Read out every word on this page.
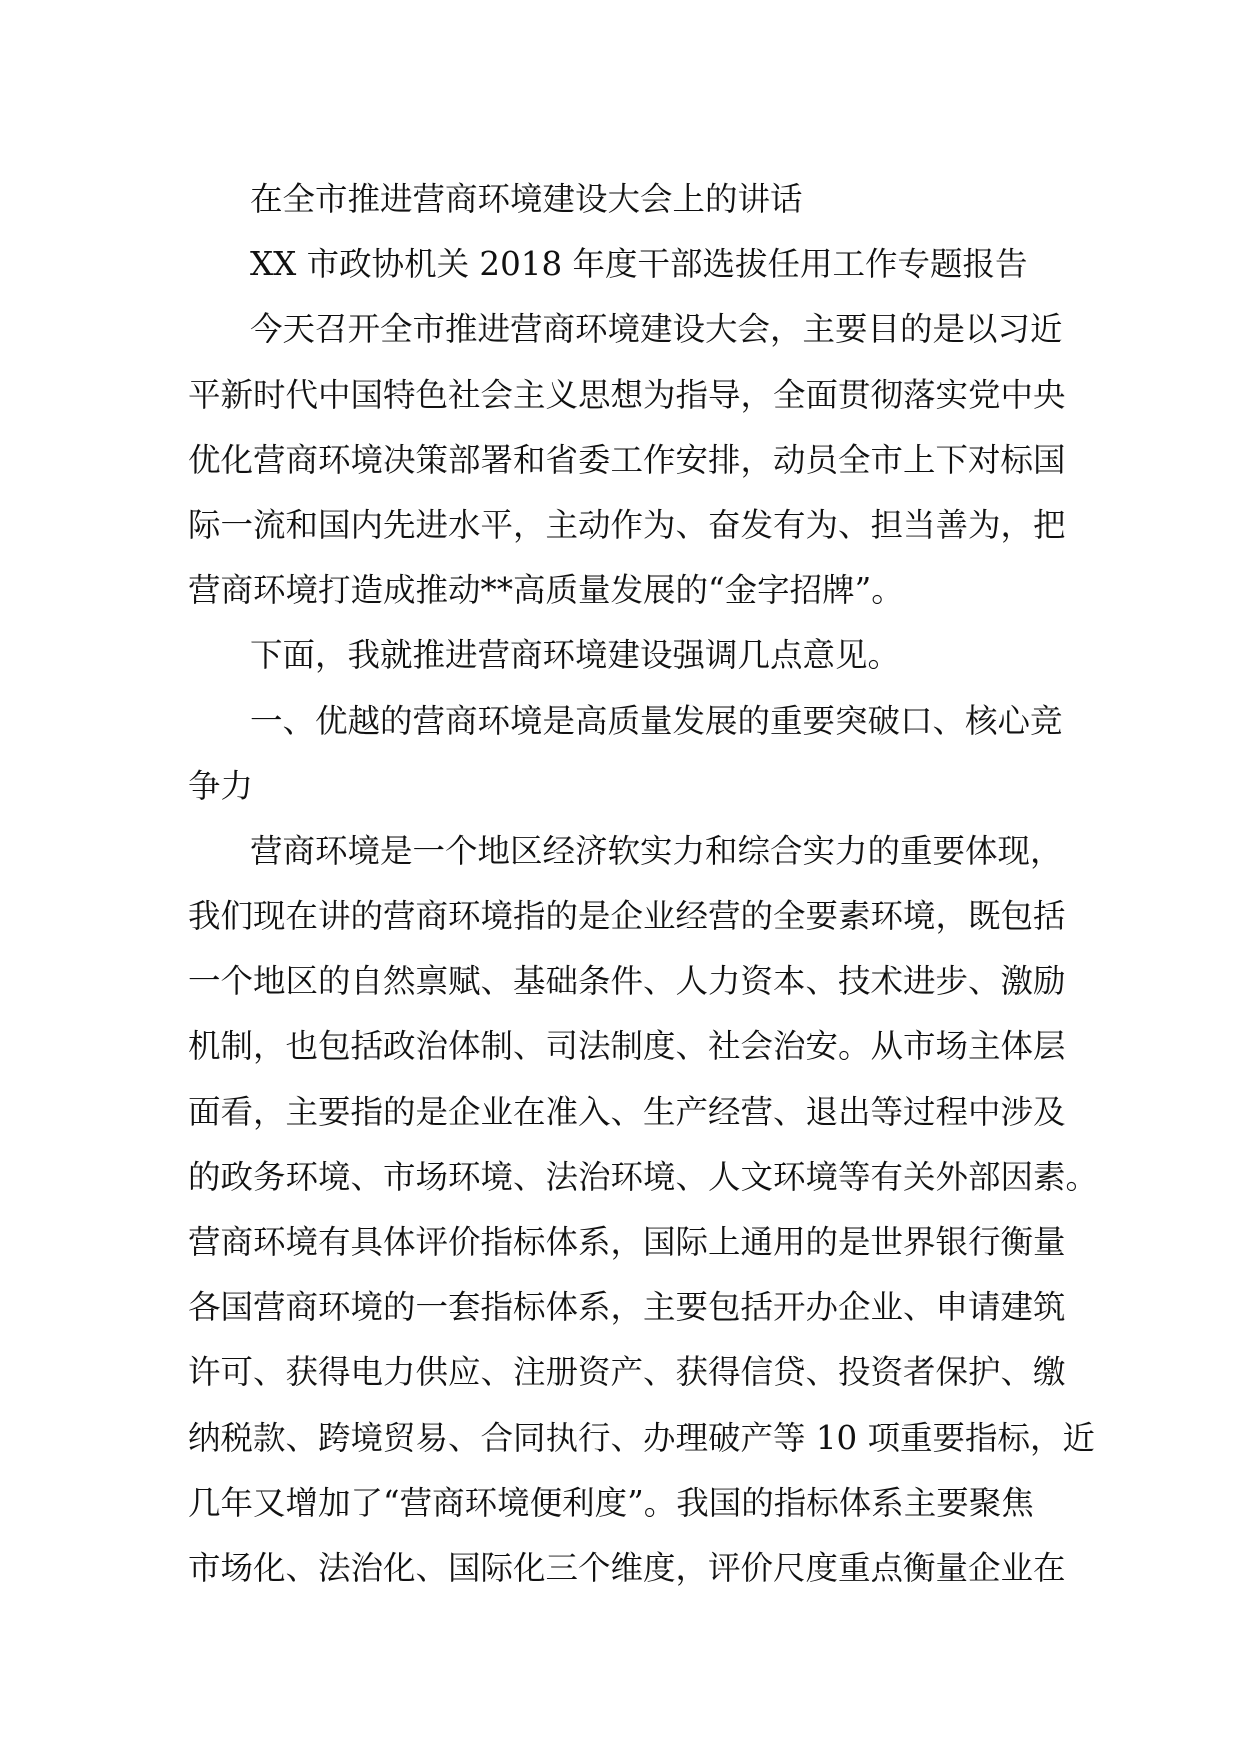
在全市推进营商环境建设大会上的讲话
XX 市政协机关 2018 年度干部选拔任用工作专题报告
今天召开全市推进营商环境建设大会，主要目的是以习近
平新时代中国特色社会主义思想为指导，全面贯彻落实党中央
优化营商环境决策部署和省委工作安排，动员全市上下对标国
际一流和国内先进水平，主动作为、奋发有为、担当善为，把
营商环境打造成推动**高质量发展的“金字招牌”。
下面，我就推进营商环境建设强调几点意见。
一、优越的营商环境是高质量发展的重要突破口、核心竞
争力
营商环境是一个地区经济软实力和综合实力的重要体现，
我们现在讲的营商环境指的是企业经营的全要素环境，既包括
一个地区的自然禀赋、基础条件、人力资本、技术进步、激励
机制，也包括政治体制、司法制度、社会治安。从市场主体层
面看，主要指的是企业在准入、生产经营、退出等过程中涉及
的政务环境、市场环境、法治环境、人文环境等有关外部因素。
营商环境有具体评价指标体系，国际上通用的是世界银行衡量
各国营商环境的一套指标体系，主要包括开办企业、申请建筑
许可、获得电力供应、注册资产、获得信贷、投资者保护、缴
纳税款、跨境贸易、合同执行、办理破产等 10 项重要指标，近
几年又增加了“营商环境便利度”。我国的指标体系主要聚焦
市场化、法治化、国际化三个维度，评价尺度重点衡量企业在
